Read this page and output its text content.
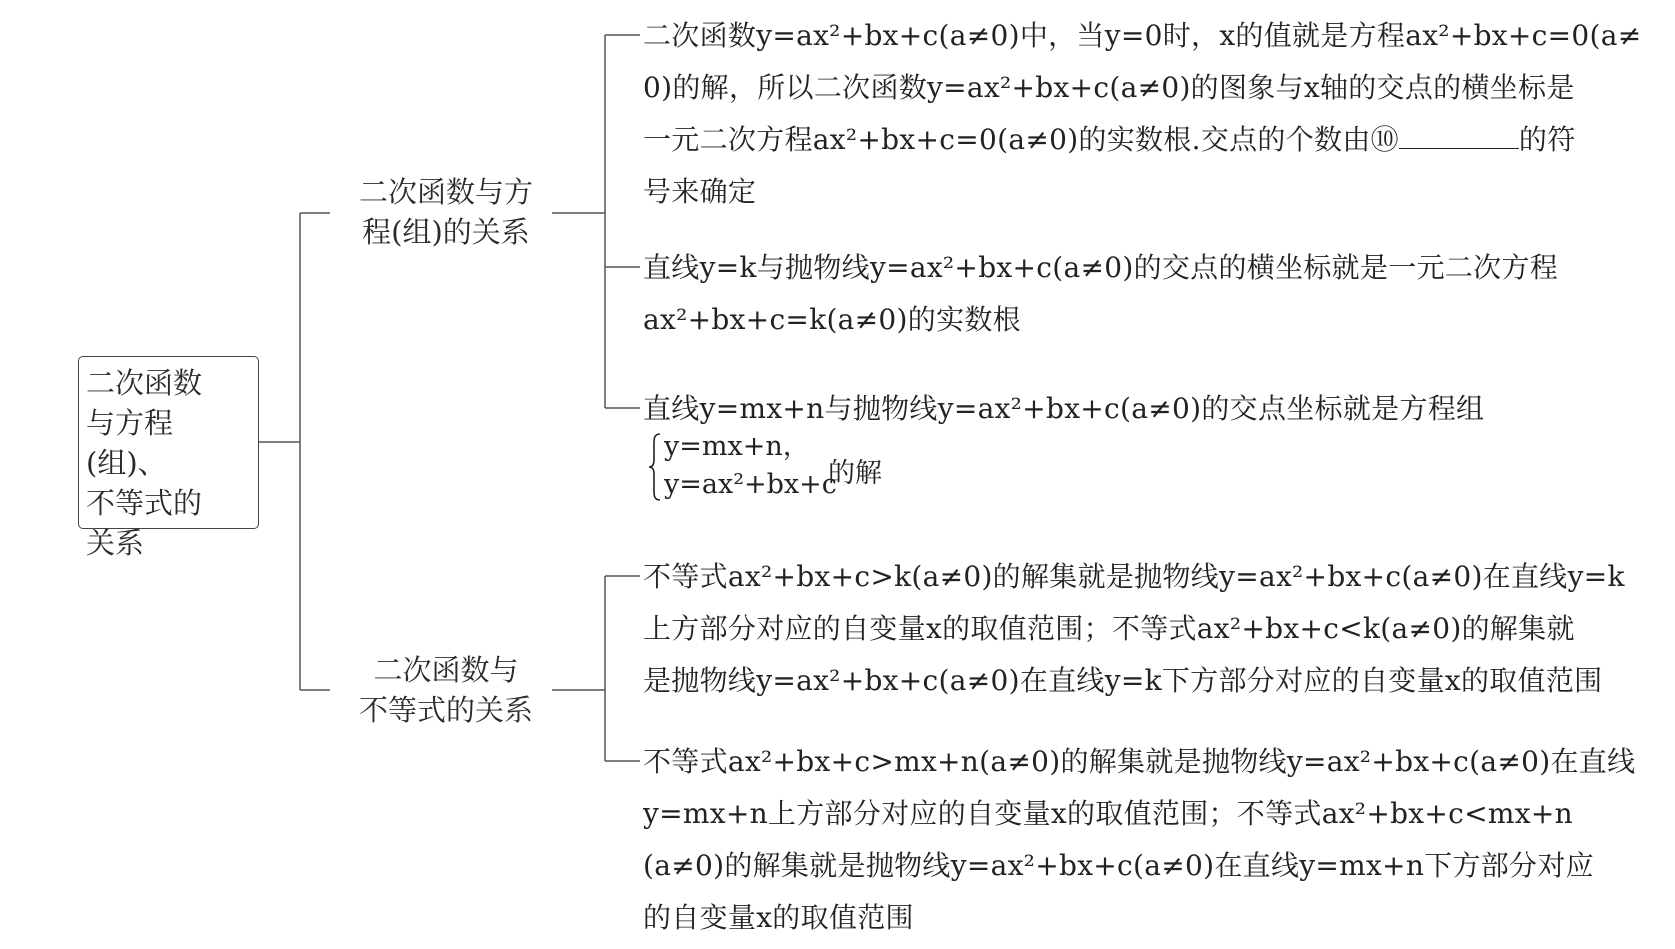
二次函数
与方程(组)、
不等式的
关系
二次函数与方
程(组)的关系
二次函数与
不等式的关系
二次函数y=ax²+bx+c(a≠0)中，当y=0时，x的值就是方程ax²+bx+c=0(a≠
0)的解，所以二次函数y=ax²+bx+c(a≠0)的图象与x轴的交点的横坐标是
一元二次方程ax²+bx+c=0(a≠0)的实数根.交点的个数由⑩	的符
号来确定
直线y=k与抛物线y=ax²+bx+c(a≠0)的交点的横坐标就是一元二次方程
ax²+bx+c=k(a≠0)的实数根
直线y=mx+n与抛物线y=ax²+bx+c(a≠0)的交点坐标就是方程组
y=mx+n，
y=ax²+bx+c
的解
不等式ax²+bx+c>k(a≠0)的解集就是抛物线y=ax²+bx+c(a≠0)在直线y=k
上方部分对应的自变量x的取值范围；不等式ax²+bx+c<k(a≠0)的解集就
是抛物线y=ax²+bx+c(a≠0)在直线y=k下方部分对应的自变量x的取值范围
不等式ax²+bx+c>mx+n(a≠0)的解集就是抛物线y=ax²+bx+c(a≠0)在直线
y=mx+n上方部分对应的自变量x的取值范围；不等式ax²+bx+c<mx+n
(a≠0)的解集就是抛物线y=ax²+bx+c(a≠0)在直线y=mx+n下方部分对应
的自变量x的取值范围
